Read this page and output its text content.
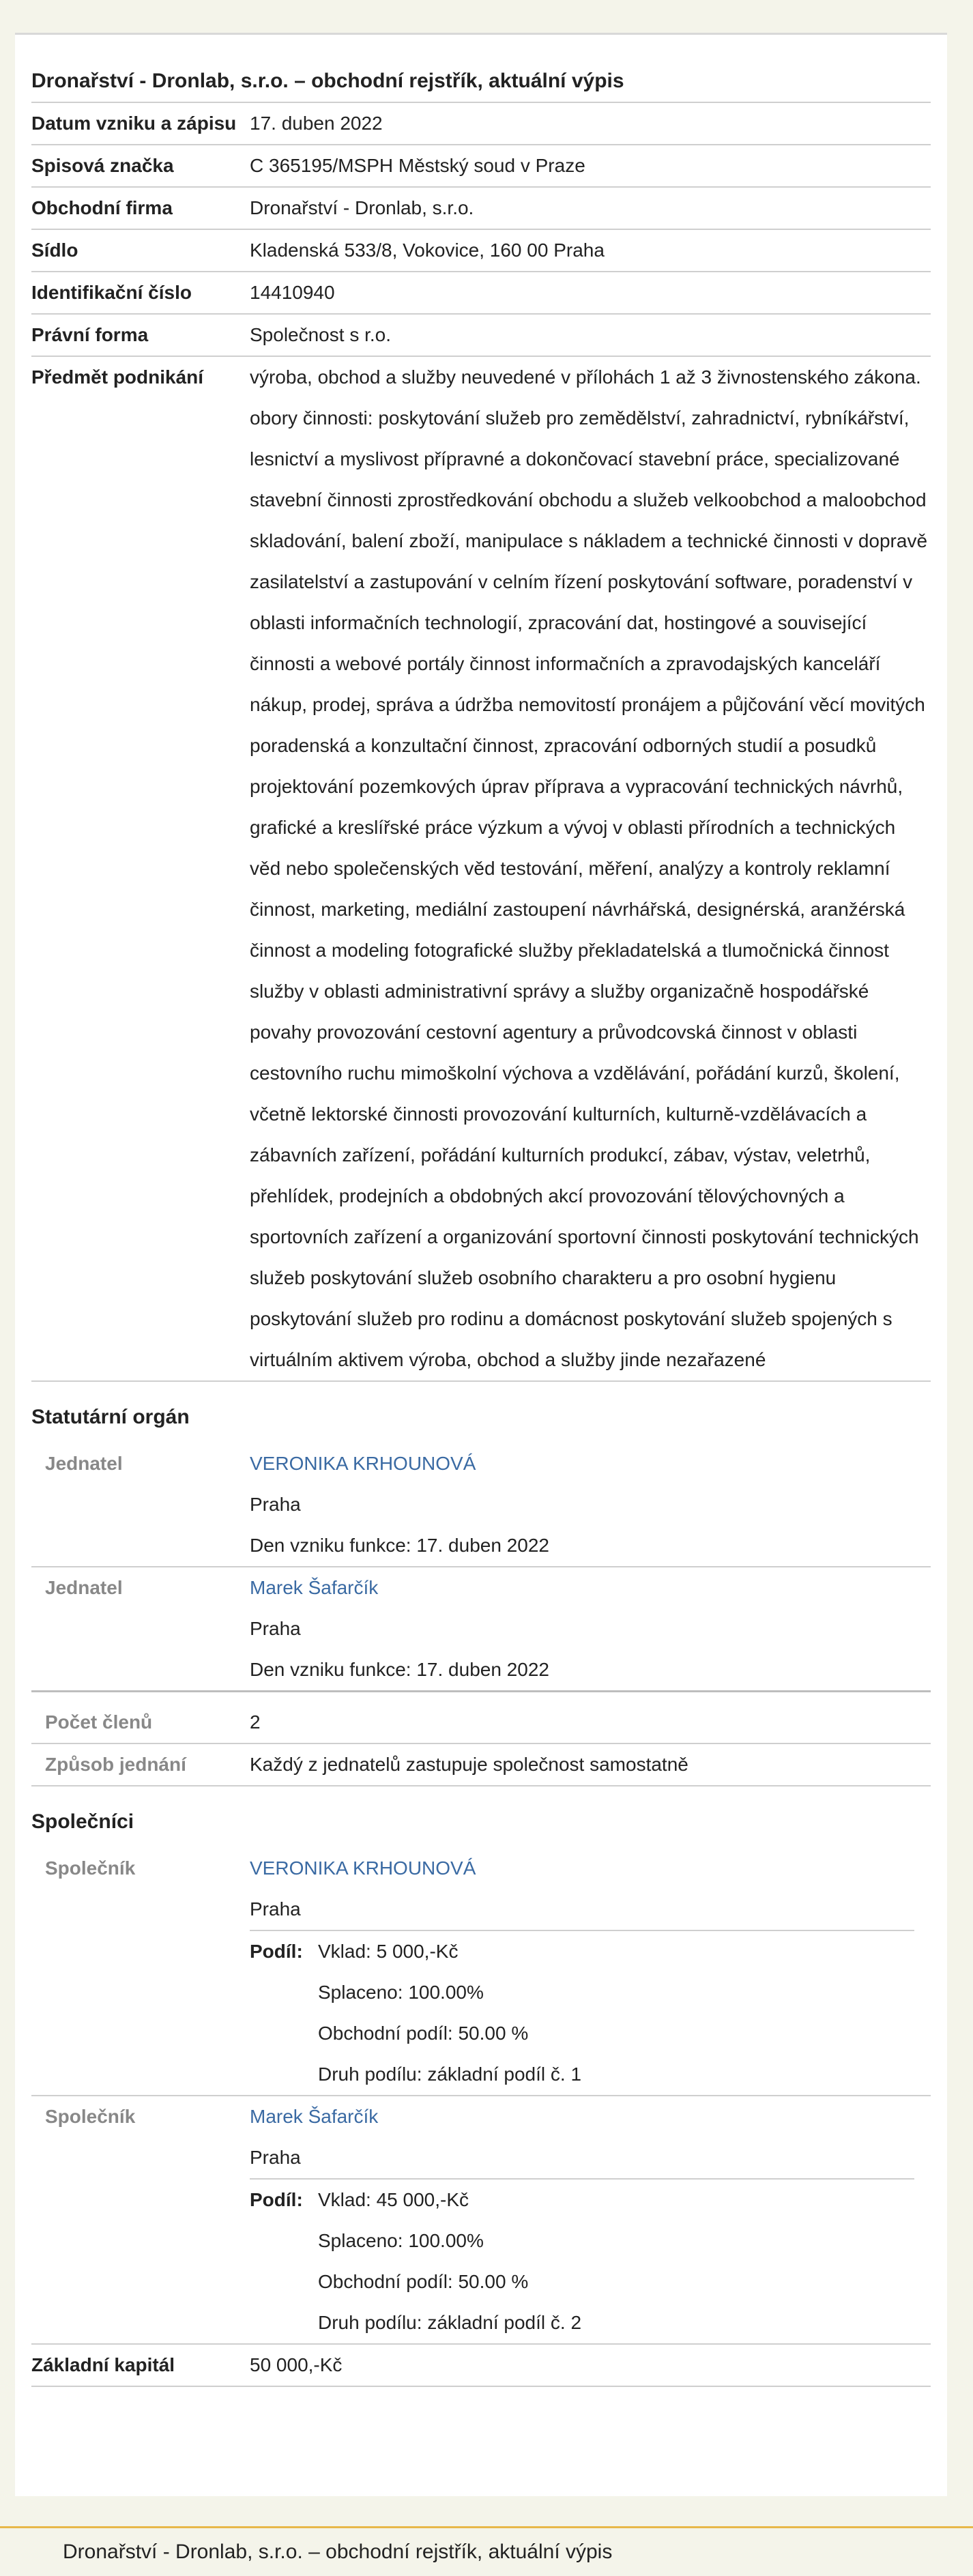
Dronařství - Dronlab, s.r.o. – obchodní rejstřík, aktuální výpis
Datum vzniku a zápisu 17. duben 2022
Spisová značka	C 365195/MSPH Městský soud v Praze
Obchodní firma	Dronařství - Dronlab, s.r.o.
Sídlo	Kladenská 533/8, Vokovice, 160 00 Praha
Identifikační číslo	14410940
Právní forma	Společnost s r.o.
Předmět podnikání	výroba, obchod a služby neuvedené v přílohách 1 až 3 živnostenského zákona. obory činnosti: poskytování služeb pro zemědělství, zahradnictví, rybníkářství, lesnictví a myslivost přípravné a dokončovací stavební práce, specializované stavební činnosti zprostředkování obchodu a služeb velkoobchod a maloobchod skladování, balení zboží, manipulace s nákladem a technické činnosti v dopravě zasilatelství a zastupování v celním řízení poskytování software, poradenství v oblasti informačních technologií, zpracování dat, hostingové a související činnosti a webové portály činnost informačních a zpravodajských kanceláří nákup, prodej, správa a údržba nemovitostí pronájem a půjčování věcí movitých poradenská a konzultační činnost, zpracování odborných studií a posudků projektování pozemkových úprav příprava a vypracování technických návrhů, grafické a kreslířské práce výzkum a vývoj v oblasti přírodních a technických věd nebo společenských věd testování, měření, analýzy a kontroly reklamní činnost, marketing, mediální zastoupení návrhářská, designérská, aranžérská činnost a modeling fotografické služby překladatelská a tlumočnická činnost služby v oblasti administrativní správy a služby organizačně hospodářské povahy provozování cestovní agentury a průvodcovská činnost v oblasti cestovního ruchu mimoškolní výchova a vzdělávání, pořádání kurzů, školení, včetně lektorské činnosti provozování kulturních, kulturně-vzdělávacích a zábavních zařízení, pořádání kulturních produkcí, zábav, výstav, veletrhů, přehlídek, prodejních a obdobných akcí provozování tělovýchovných a sportovních zařízení a organizování sportovní činnosti poskytování technických služeb poskytování služeb osobního charakteru a pro osobní hygienu poskytování služeb pro rodinu a domácnost poskytování služeb spojených s virtuálním aktivem výroba, obchod a služby jinde nezařazené
Statutární orgán
Jednatel	VERONIKA KRHOUNOVÁ
Praha
Den vzniku funkce: 17. duben 2022
Jednatel	Marek Šafarčík
Praha
Den vzniku funkce: 17. duben 2022
Počet členů	2
Způsob jednání	Každý z jednatelů zastupuje společnost samostatně
Společníci
Společník	VERONIKA KRHOUNOVÁ
Praha
Podíl: Vklad: 5 000,-Kč
Splaceno: 100.00%
Obchodní podíl: 50.00 %
Druh podílu: základní podíl č. 1
Společník	Marek Šafarčík
Praha
Podíl: Vklad: 45 000,-Kč
Splaceno: 100.00%
Obchodní podíl: 50.00 %
Druh podílu: základní podíl č. 2
Základní kapitál	50 000,-Kč
Dronařství - Dronlab, s.r.o. – obchodní rejstřík, aktuální výpis
